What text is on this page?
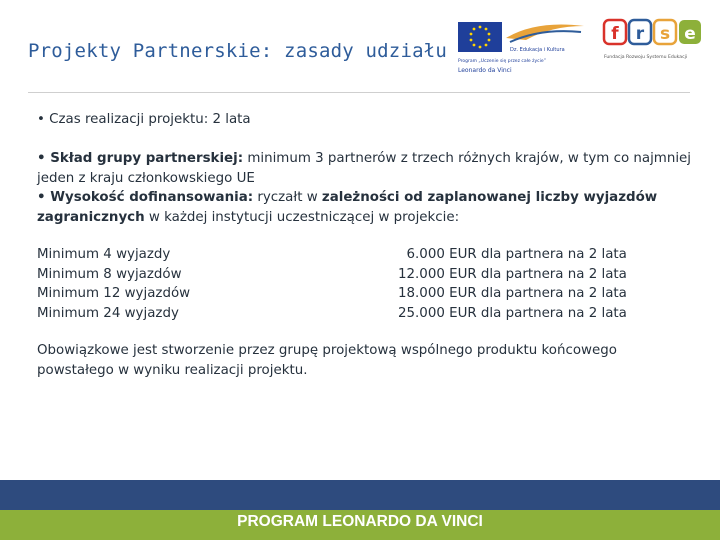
Projekty Partnerskie: zasady udziału	Dz. Edukacja i Kultura
Program „Uczenie się przez całe życie”
Leonardo da Vinci
f r s e
Fundacja Rozwoju Systemu Edukacji
• Czas realizacji projektu: 2 lata
• Skład grupy partnerskiej: minimum 3 partnerów z trzech różnych krajów, w tym co najmniej jeden z kraju członkowskiego UE
• Wysokość dofinansowania: ryczałt w zależności od zaplanowanej liczby wyjazdów zagranicznych w każdej instytucji uczestniczącej w projekcie:
Minimum 4 wyjazdy
Minimum 8 wyjazdów
Minimum 12 wyjazdów
Minimum 24 wyjazdy
6.000 EUR dla partnera na 2 lata
12.000 EUR dla partnera na 2 lata
18.000 EUR dla partnera na 2 lata
25.000 EUR dla partnera na 2 lata
Obowiązkowe jest stworzenie przez grupę projektową wspólnego produktu końcowego powstałego w wyniku realizacji projektu.
PROGRAM LEONARDO DA VINCI
